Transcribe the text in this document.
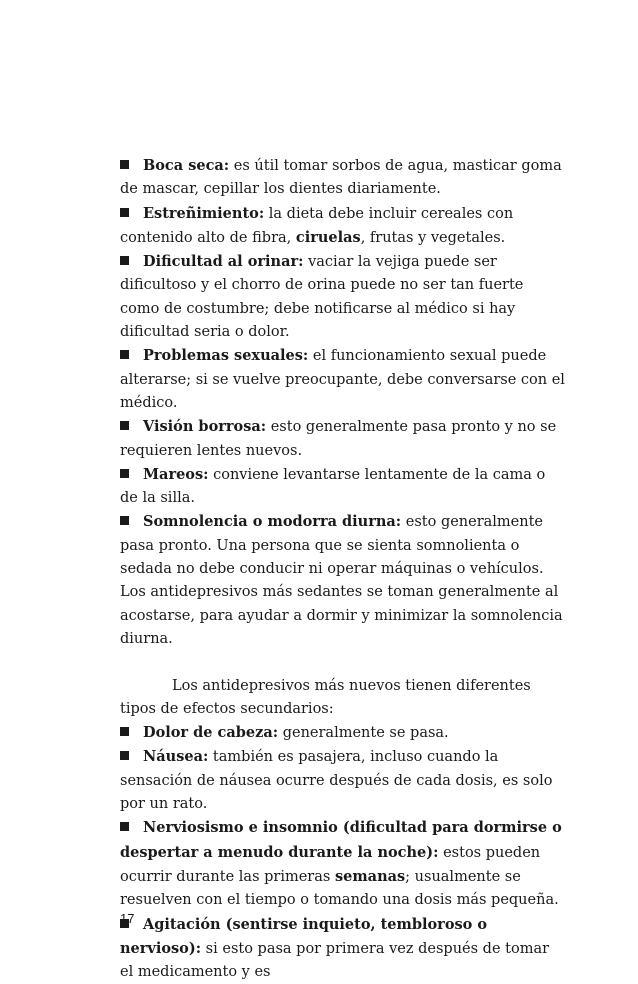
Boca seca: es útil tomar sorbos de agua, masticar goma de mascar, cepillar los dientes diariamente.

Estreñimiento: la dieta debe incluir cereales con contenido alto de fibra, ciruelas, frutas y vegetales.

Dificultad al orinar: vaciar la vejiga puede ser dificultoso y el chorro de orina puede no ser tan fuerte como de costumbre; debe notificarse al médico si hay dificultad seria o dolor.

Problemas sexuales: el funcionamiento sexual puede alterarse; si se vuelve preocupante, debe conversarse con el médico.

Visión borrosa: esto generalmente pasa pronto y no se requieren lentes nuevos.

Mareos: conviene levantarse lentamente de la cama o de la silla.

Somnolencia o modorra diurna: esto generalmente pasa pronto. Una persona que se sienta somnolienta o sedada no debe conducir ni operar máquinas o vehículos. Los antidepresivos más sedantes se toman generalmente al acostarse, para ayudar a dormir y minimizar la somnolencia diurna.

Los antidepresivos más nuevos tienen diferentes tipos de efectos secundarios:

Dolor de cabeza: generalmente se pasa.

Náusea: también es pasajera, incluso cuando la sensación de náusea ocurre después de cada dosis, es solo por un rato.

Nerviosismo e insomnio (dificultad para dormirse o despertar a menudo durante la noche): estos pueden ocurrir durante las primeras semanas; usualmente se resuelven con el tiempo o tomando una dosis más pequeña.

Agitación (sentirse inquieto, tembloroso o nervioso): si esto pasa por primera vez después de tomar el medicamento y es

17
